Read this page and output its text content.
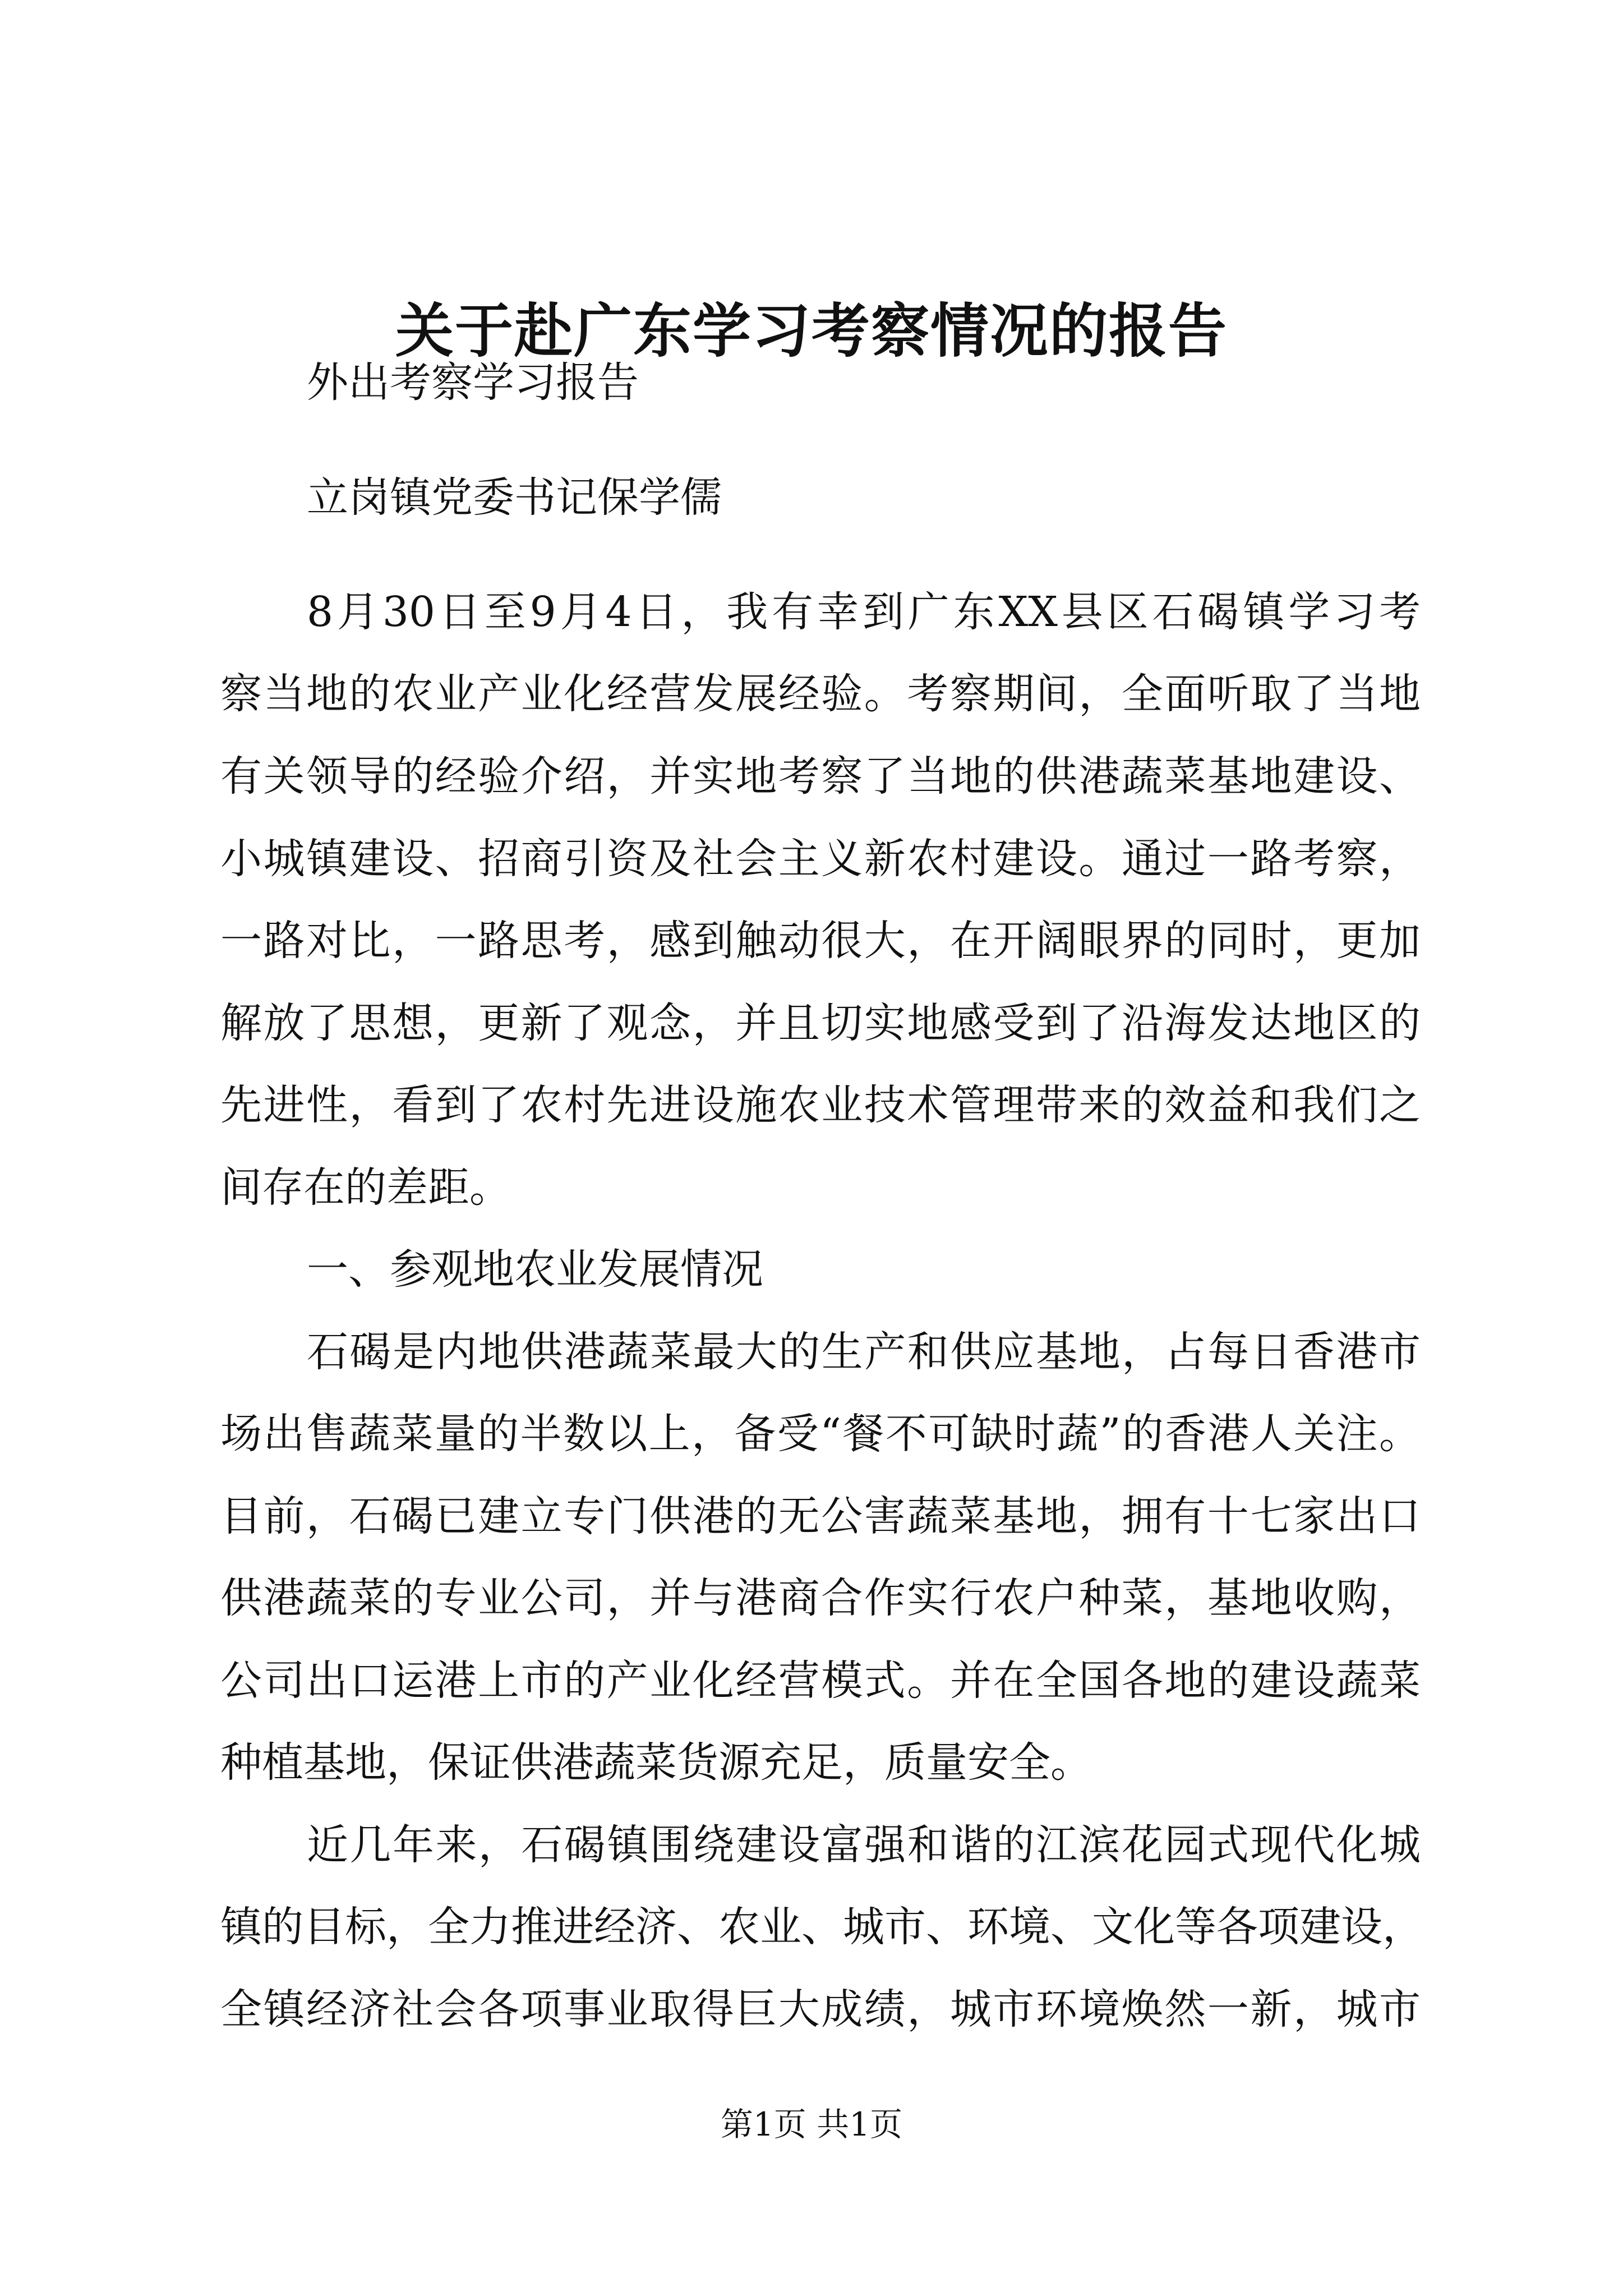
关于赴广东学习考察情况的报告
外出考察学习报告
立岗镇党委书记保学儒
8月30日至9月4日，我有幸到广东XX县区石碣镇学习考
察当地的农业产业化经营发展经验。考察期间，全面听取了当地
有关领导的经验介绍，并实地考察了当地的供港蔬菜基地建设、
小城镇建设、招商引资及社会主义新农村建设。通过一路考察，
一路对比，一路思考，感到触动很大，在开阔眼界的同时，更加
解放了思想，更新了观念，并且切实地感受到了沿海发达地区的
先进性，看到了农村先进设施农业技术管理带来的效益和我们之
间存在的差距。
一、参观地农业发展情况
石碣是内地供港蔬菜最大的生产和供应基地，占每日香港市
场出售蔬菜量的半数以上，备受“餐不可缺时蔬”的香港人关注。
目前，石碣已建立专门供港的无公害蔬菜基地，拥有十七家出口
供港蔬菜的专业公司，并与港商合作实行农户种菜，基地收购，
公司出口运港上市的产业化经营模式。并在全国各地的建设蔬菜
种植基地，保证供港蔬菜货源充足，质量安全。
近几年来，石碣镇围绕建设富强和谐的江滨花园式现代化城
镇的目标，全力推进经济、农业、城市、环境、文化等各项建设，
全镇经济社会各项事业取得巨大成绩，城市环境焕然一新，城市
第1页 共1页
